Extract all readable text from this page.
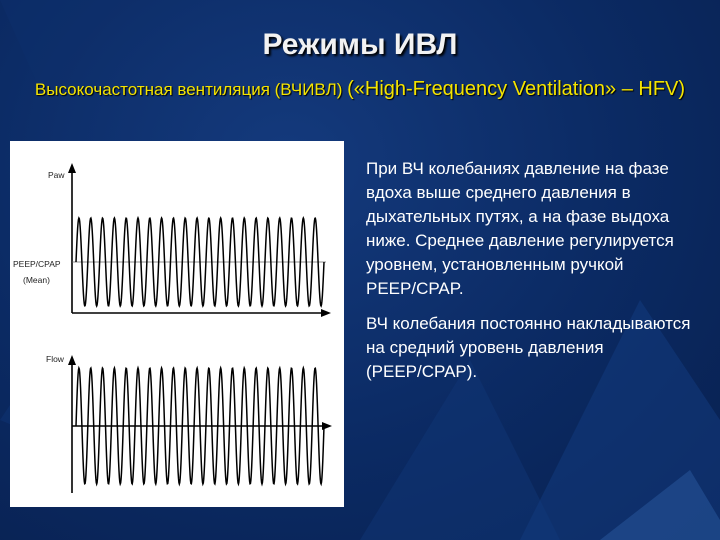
Режимы ИВЛ
Высокочастотная вентиляция (ВЧИВЛ) («High-Frequency Ventilation» – HFV)
Paw
PEEP/CPAP
(Mean)
Flow

При ВЧ колебаниях давление на фазе вдоха выше среднего давления в дыхательных путях, а на фазе выдоха ниже. Среднее давление регулируется уровнем, установленным ручкой PEEP/CPAP.

ВЧ колебания постоянно накладываются на средний уровень давления (PEEP/CPAP).
